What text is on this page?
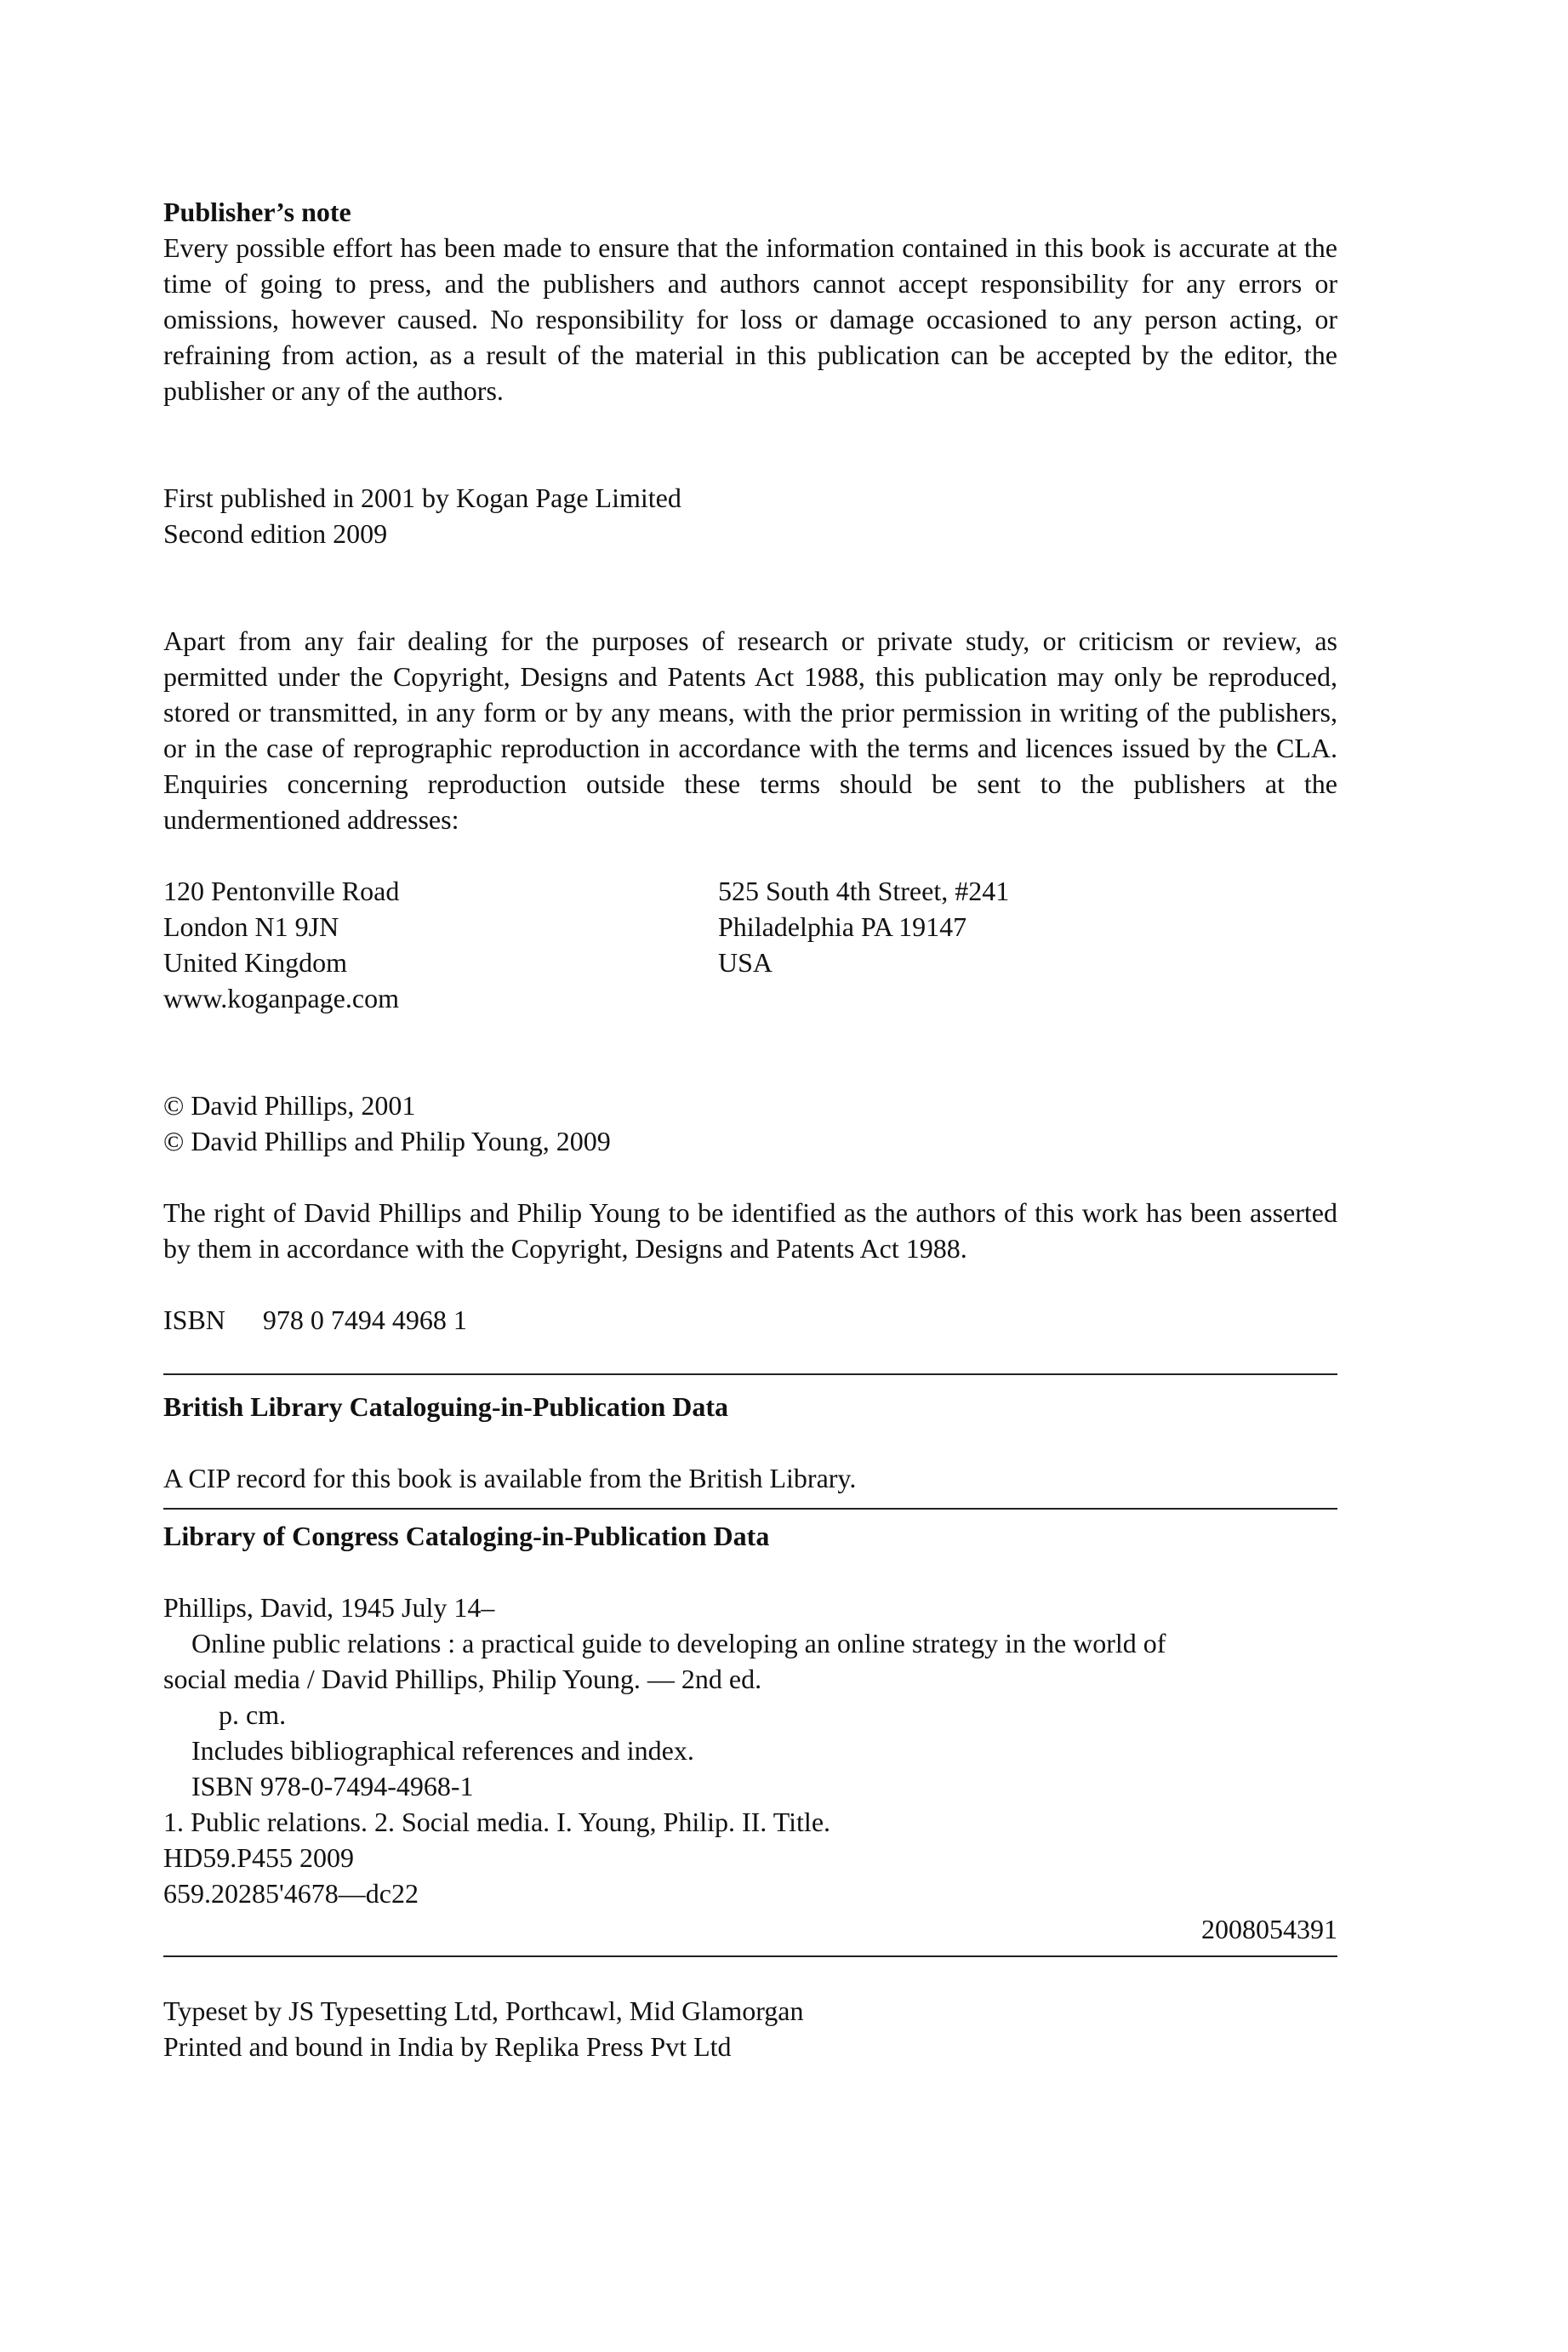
Publisher’s note

Every possible effort has been made to ensure that the information contained in this book is accurate at the time of going to press, and the publishers and authors cannot accept responsibility for any errors or omissions, however caused. No responsibility for loss or damage occasioned to any person acting, or refraining from action, as a result of the material in this publication can be accepted by the editor, the publisher or any of the authors.

First published in 2001 by Kogan Page Limited

Second edition 2009

Apart from any fair dealing for the purposes of research or private study, or criticism or review, as permitted under the Copyright, Designs and Patents Act 1988, this publication may only be reproduced, stored or transmitted, in any form or by any means, with the prior permission in writing of the publishers, or in the case of reprographic reproduction in accordance with the terms and licences issued by the CLA. Enquiries concerning reproduction outside these terms should be sent to the publishers at the undermentioned addresses:

120 Pentonville Road

London N1 9JN

United Kingdom

www.koganpage.com

525 South 4th Street, #241

Philadelphia PA 19147

USA

© David Phillips, 2001

© David Phillips and Philip Young, 2009

The right of David Phillips and Philip Young to be identified as the authors of this work has been asserted by them in accordance with the Copyright, Designs and Patents Act 1988.

ISBN 978 0 7494 4968 1

British Library Cataloguing-in-Publication Data

A CIP record for this book is available from the British Library.

Library of Congress Cataloging-in-Publication Data

Phillips, David, 1945 July 14–

Online public relations : a practical guide to developing an online strategy in the world of

social media / David Phillips, Philip Young. — 2nd ed.

p. cm.

Includes bibliographical references and index.

ISBN 978-0-7494-4968-1

1. Public relations. 2. Social media. I. Young, Philip. II. Title.

HD59.P455 2009

659.20285'4678—dc22

2008054391

Typeset by JS Typesetting Ltd, Porthcawl, Mid Glamorgan

Printed and bound in India by Replika Press Pvt Ltd
